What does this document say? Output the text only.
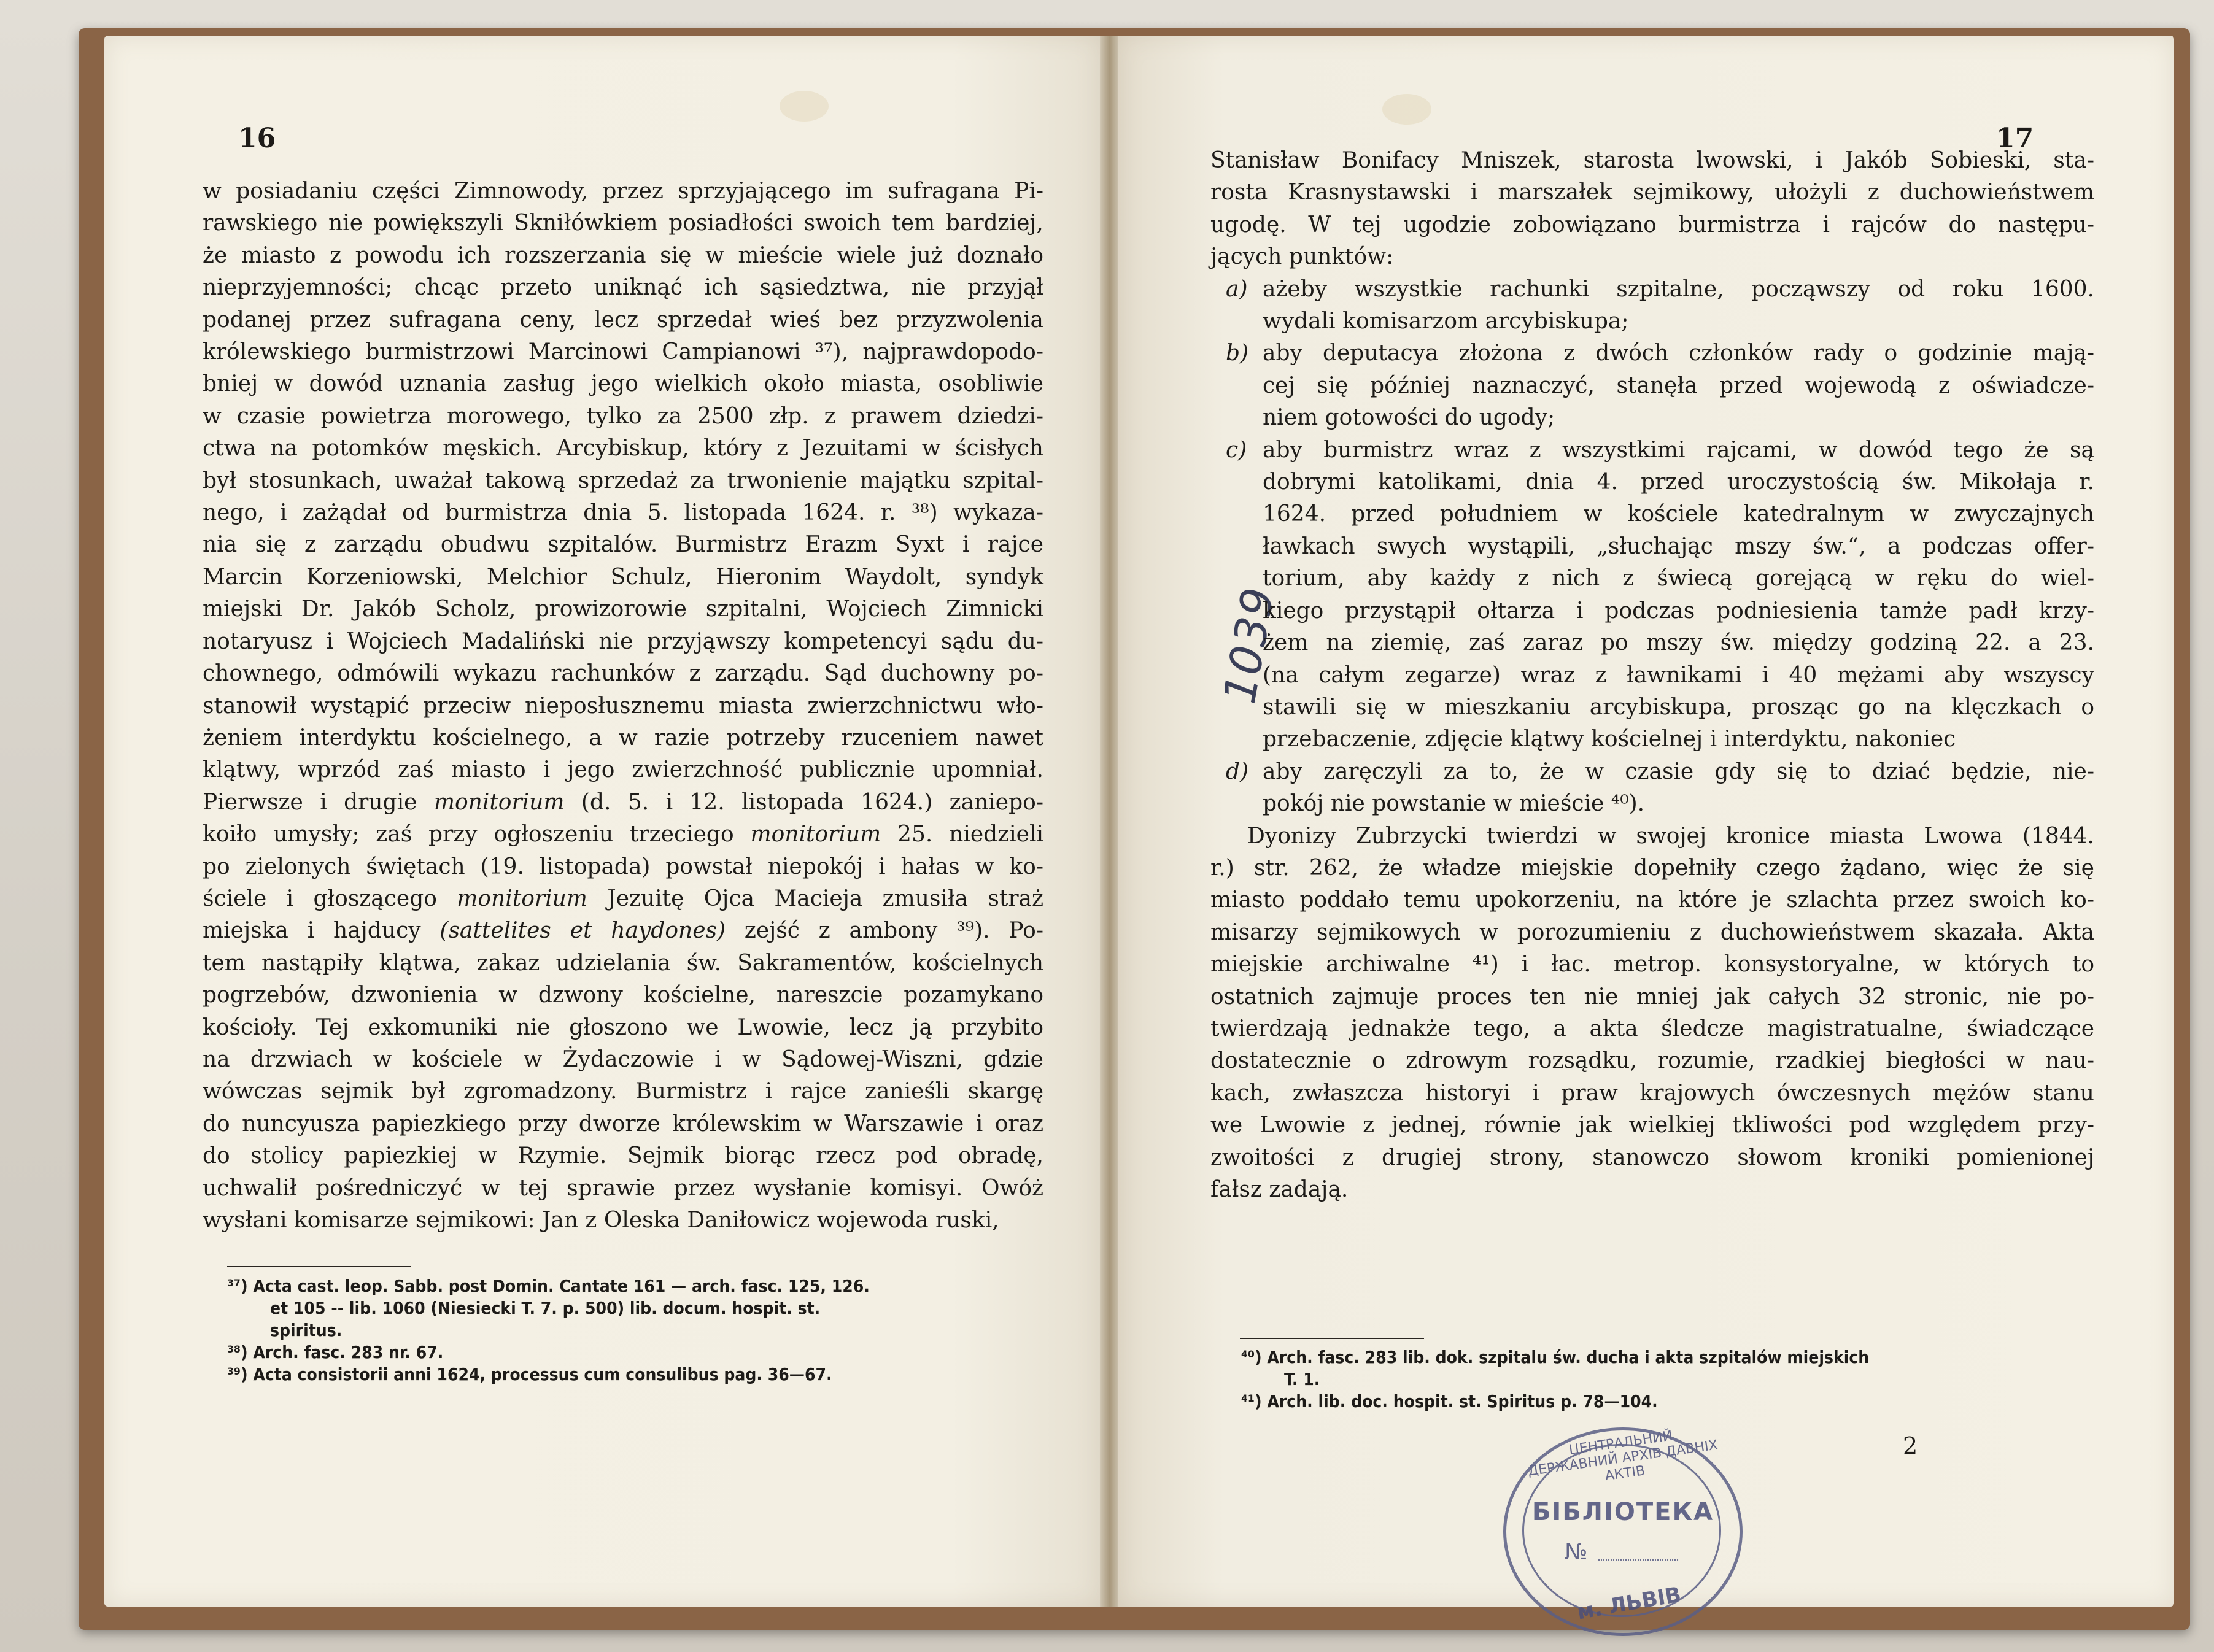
16
w posiadaniu części Zimnowody, przez sprzyjającego im sufragana Pi-
rawskiego nie powiększyli Skniłówkiem posiadłości swoich tem bardziej,
że miasto z powodu ich rozszerzania się w mieście wiele już doznało
nieprzyjemności; chcąc przeto uniknąć ich sąsiedztwa, nie przyjął
podanej przez sufragana ceny, lecz sprzedał wieś bez przyzwolenia
królewskiego burmistrzowi Marcinowi Campianowi ³⁷), najprawdopodo-
bniej w dowód uznania zasług jego wielkich około miasta, osobliwie
w czasie powietrza morowego, tylko za 2500 złp. z prawem dziedzi-
ctwa na potomków męskich. Arcybiskup, który z Jezuitami w ścisłych
był stosunkach, uważał takową sprzedaż za trwonienie majątku szpital-
nego, i zażądał od burmistrza dnia 5. listopada 1624. r. ³⁸) wykaza-
nia się z zarządu obudwu szpitalów. Burmistrz Erazm Syxt i rajce
Marcin Korzeniowski, Melchior Schulz, Hieronim Waydolt, syndyk
miejski Dr. Jakób Scholz, prowizorowie szpitalni, Wojciech Zimnicki
notaryusz i Wojciech Madaliński nie przyjąwszy kompetencyi sądu du-
chownego, odmówili wykazu rachunków z zarządu. Sąd duchowny po-
stanowił wystąpić przeciw nieposłusznemu miasta zwierzchnictwu wło-
żeniem interdyktu kościelnego, a w razie potrzeby rzuceniem nawet
klątwy, wprzód zaś miasto i jego zwierzchność publicznie upomniał.
Pierwsze i drugie monitorium (d. 5. i 12. listopada 1624.) zaniepo-
koiło umysły; zaś przy ogłoszeniu trzeciego monitorium 25. niedzieli
po zielonych świętach (19. listopada) powstał niepokój i hałas w ko-
ściele i głoszącego monitorium Jezuitę Ojca Macieja zmusiła straż
miejska i hajducy (sattelites et haydones) zejść z ambony ³⁹). Po-
tem nastąpiły klątwa, zakaz udzielania św. Sakramentów, kościelnych
pogrzebów, dzwonienia w dzwony kościelne, nareszcie pozamykano
kościoły. Tej exkomuniki nie głoszono we Lwowie, lecz ją przybito
na drzwiach w kościele w Żydaczowie i w Sądowej-Wiszni, gdzie
wówczas sejmik był zgromadzony. Burmistrz i rajce zanieśli skargę
do nuncyusza papiezkiego przy dworze królewskim w Warszawie i oraz
do stolicy papiezkiej w Rzymie. Sejmik biorąc rzecz pod obradę,
uchwalił pośredniczyć w tej sprawie przez wysłanie komisyi. Owóż
wysłani komisarze sejmikowi: Jan z Oleska Daniłowicz wojewoda ruski,
³⁷) Acta cast. leop. Sabb. post Domin. Cantate 161 — arch. fasc. 125, 126.
et 105 -- lib. 1060 (Niesiecki T. 7. p. 500) lib. docum. hospit. st.
spiritus.
³⁸) Arch. fasc. 283 nr. 67.
³⁹) Acta consistorii anni 1624, processus cum consulibus pag. 36—67.
17
1039
Stanisław Bonifacy Mniszek, starosta lwowski, i Jakób Sobieski, sta-
rosta Krasnystawski i marszałek sejmikowy, ułożyli z duchowieństwem
ugodę. W tej ugodzie zobowiązano burmistrza i rajców do następu-
jących punktów:
a) ażeby wszystkie rachunki szpitalne, począwszy od roku 1600.
wydali komisarzom arcybiskupa;
b) aby deputacya złożona z dwóch członków rady o godzinie mają-
cej się później naznaczyć, stanęła przed wojewodą z oświadcze-
niem gotowości do ugody;
c) aby burmistrz wraz z wszystkimi rajcami, w dowód tego że są
dobrymi katolikami, dnia 4. przed uroczystością św. Mikołaja r.
1624. przed południem w kościele katedralnym w zwyczajnych
ławkach swych wystąpili, „słuchając mszy św.“, a podczas offer-
torium, aby każdy z nich z świecą gorejącą w ręku do wiel-
kiego przystąpił ołtarza i podczas podniesienia tamże padł krzy-
żem na ziemię, zaś zaraz po mszy św. między godziną 22. a 23.
(na całym zegarze) wraz z ławnikami i 40 mężami aby wszyscy
stawili się w mieszkaniu arcybiskupa, prosząc go na klęczkach o
przebaczenie, zdjęcie klątwy kościelnej i interdyktu, nakoniec
d) aby zaręczyli za to, że w czasie gdy się to dziać będzie, nie-
pokój nie powstanie w mieście ⁴⁰).
Dyonizy Zubrzycki twierdzi w swojej kronice miasta Lwowa (1844.
r.) str. 262, że władze miejskie dopełniły czego żądano, więc że się
miasto poddało temu upokorzeniu, na które je szlachta przez swoich ko-
misarzy sejmikowych w porozumieniu z duchowieństwem skazała. Akta
miejskie archiwalne ⁴¹) i łac. metrop. konsystoryalne, w których to
ostatnich zajmuje proces ten nie mniej jak całych 32 stronic, nie po-
twierdzają jednakże tego, a akta śledcze magistratualne, świadczące
dostatecznie o zdrowym rozsądku, rozumie, rzadkiej biegłości w nau-
kach, zwłaszcza historyi i praw krajowych ówczesnych mężów stanu
we Lwowie z jednej, równie jak wielkiej tkliwości pod względem przy-
zwoitości z drugiej strony, stanowczo słowom kroniki pomienionej
fałsz zadają.
⁴⁰) Arch. fasc. 283 lib. dok. szpitalu św. ducha i akta szpitalów miejskich
T. 1.
⁴¹) Arch. lib. doc. hospit. st. Spiritus p. 78—104.
2
ЦЕНТРАЛЬНИЙ ДЕРЖАВНИЙ АРХІВ ДАВНІХ АКТІВ
БІБЛІОТЕКА
№
м. ЛЬВІВ
